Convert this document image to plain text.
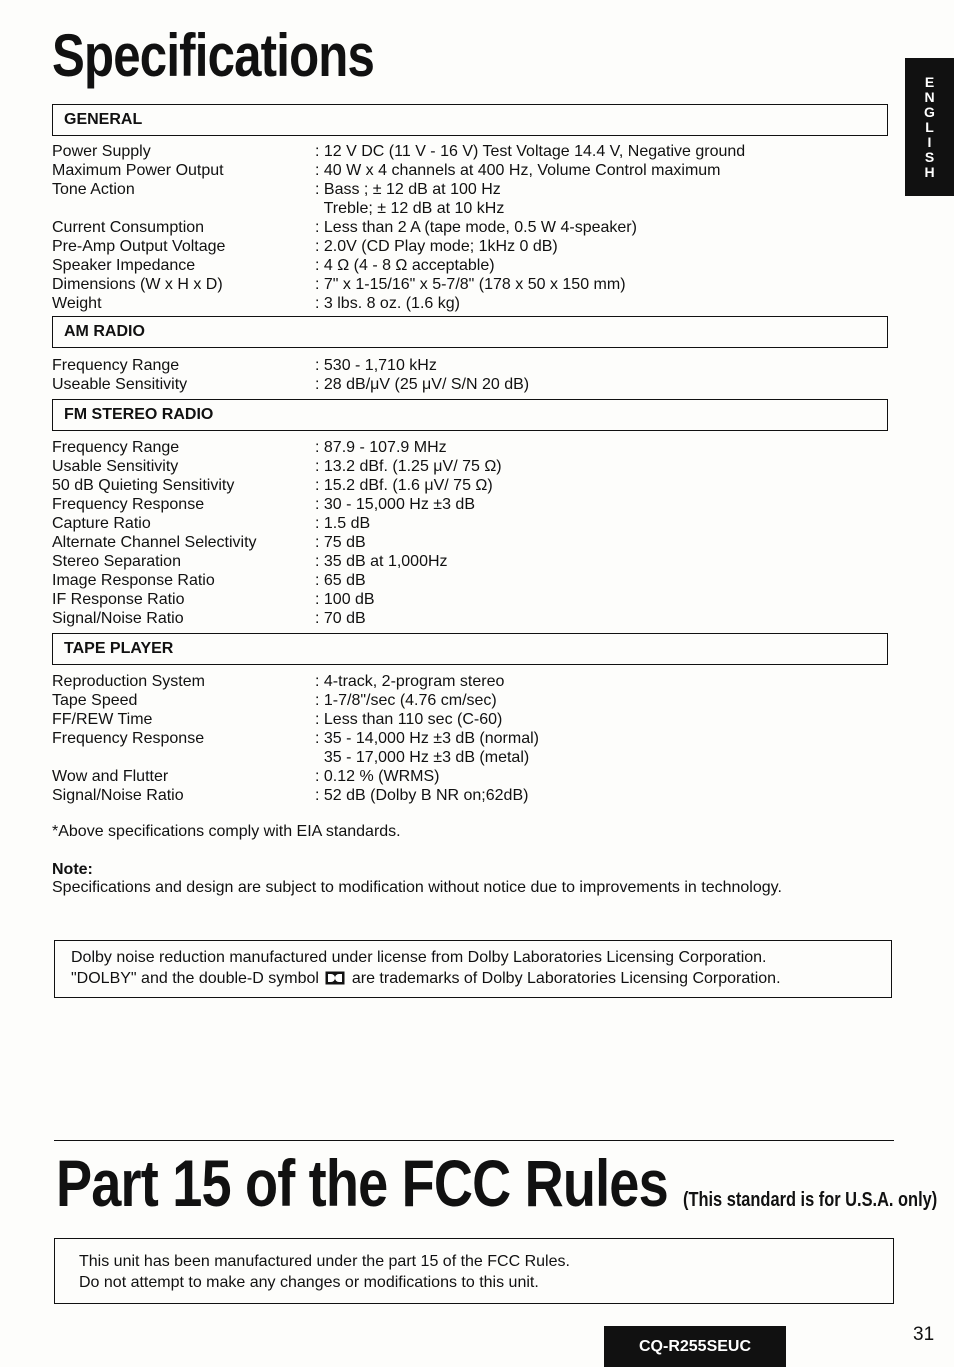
Specifications	E
N
G
L
I
S
H
GENERAL
Power Supply	: 12 V DC (11 V - 16 V) Test Voltage 14.4 V, Negative ground
Maximum Power Output	: 40 W x 4 channels at 400 Hz, Volume Control maximum
Tone Action	: Bass ; ± 12 dB at 100 Hz
Treble; ± 12 dB at 10 kHz
Current Consumption	: Less than 2 A (tape mode, 0.5 W 4-speaker)
Pre-Amp Output Voltage	: 2.0V (CD Play mode; 1kHz 0 dB)
Speaker Impedance	: 4 Ω (4 - 8 Ω acceptable)
Dimensions (W x H x D)	: 7" x 1-15/16" x 5-7/8" (178 x 50 x 150 mm)
Weight	: 3 lbs. 8 oz. (1.6 kg)
AM RADIO
Frequency Range	: 530 - 1,710 kHz
Useable Sensitivity	: 28 dB/μV (25 μV/ S/N 20 dB)
FM STEREO RADIO
Frequency Range	: 87.9 - 107.9 MHz
Usable Sensitivity	: 13.2 dBf. (1.25 μV/ 75 Ω)
50 dB Quieting Sensitivity	: 15.2 dBf. (1.6 μV/ 75 Ω)
Frequency Response	: 30 - 15,000 Hz ±3 dB
Capture Ratio	: 1.5 dB
Alternate Channel Selectivity	: 75 dB
Stereo Separation	: 35 dB at 1,000Hz
Image Response Ratio	: 65 dB
IF Response Ratio	: 100 dB
Signal/Noise Ratio	: 70 dB
TAPE PLAYER
Reproduction System	: 4-track, 2-program stereo
Tape Speed	: 1-7/8"/sec (4.76 cm/sec)
FF/REW Time	: Less than 110 sec (C-60)
Frequency Response	: 35 - 14,000 Hz ±3 dB (normal)
35 - 17,000 Hz ±3 dB (metal)
Wow and Flutter	: 0.12 % (WRMS)
Signal/Noise Ratio	: 52 dB (Dolby B NR on;62dB)
*Above specifications comply with EIA standards.
Note:
Specifications and design are subject to modification without notice due to improvements in technology.
Dolby noise reduction manufactured under license from Dolby Laboratories Licensing Corporation.
"DOLBY" and the double-D symbol are trademarks of Dolby Laboratories Licensing Corporation.
Part 15 of the FCC Rules (This standard is for U.S.A. only)
This unit has been manufactured under the part 15 of the FCC Rules.
Do not attempt to make any changes or modifications to this unit.
CQ-R255SEUC
31
